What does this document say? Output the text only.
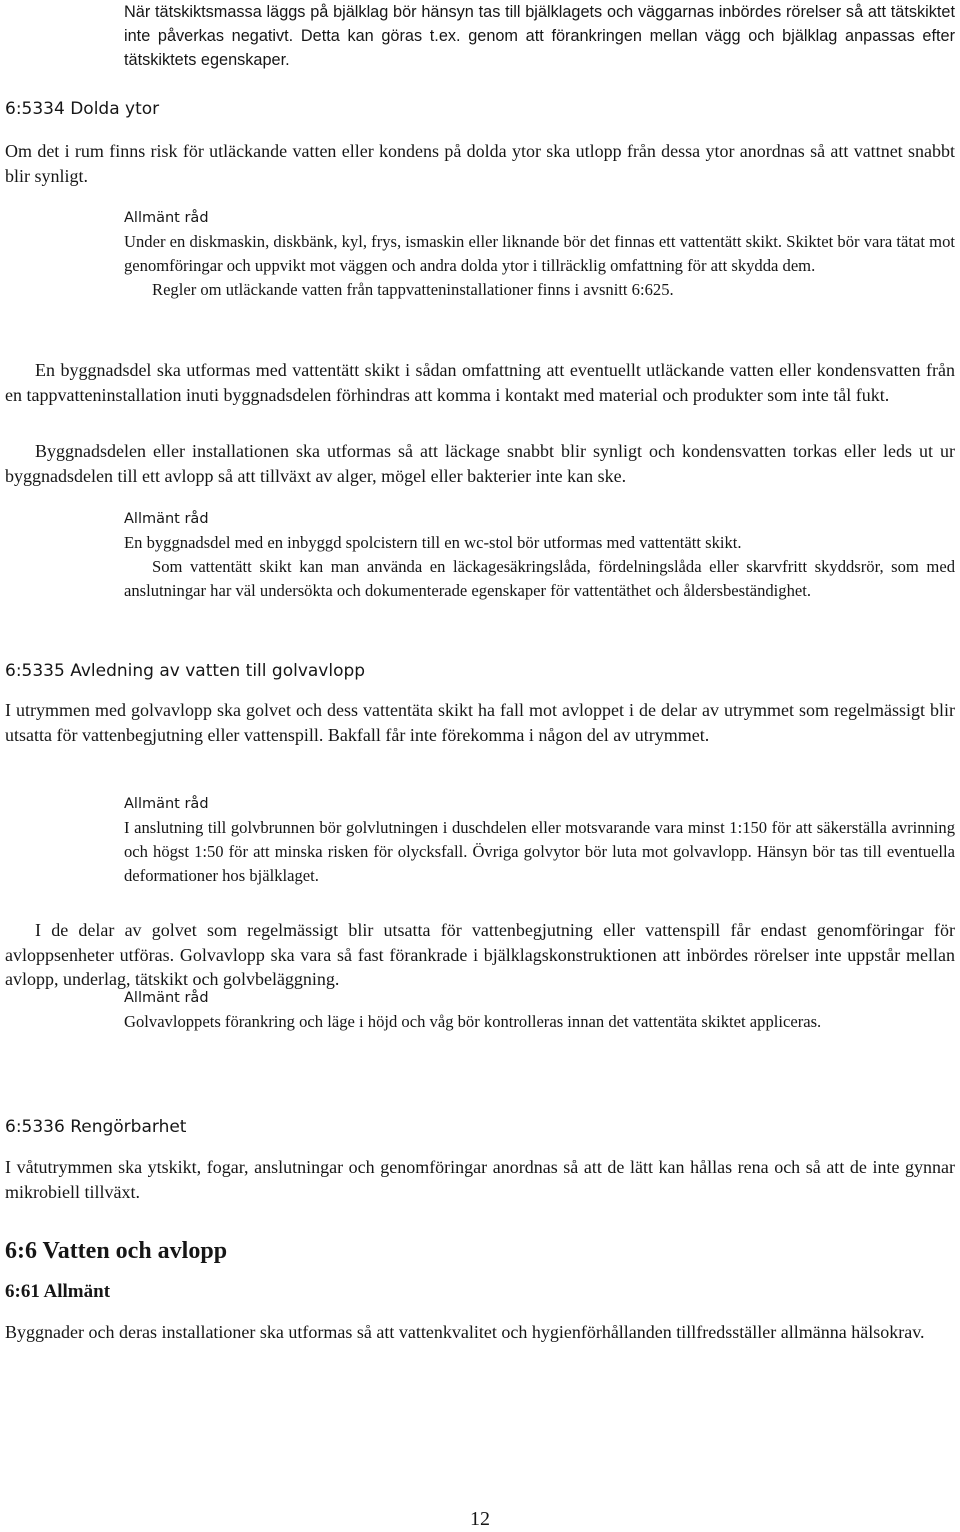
När tätskiktsmassa läggs på bjälklag bör hänsyn tas till bjälklagets och väggarnas inbördes rörelser så att tätskiktet inte påverkas negativt. Detta kan göras t.ex. genom att förankringen mellan vägg och bjälklag anpassas efter tätskiktets egenskaper.

6:5334 Dolda ytor

Om det i rum finns risk för utläckande vatten eller kondens på dolda ytor ska utlopp från dessa ytor anordnas så att vattnet snabbt blir synligt.

Allmänt råd

Under en diskmaskin, diskbänk, kyl, frys, ismaskin eller liknande bör det finnas ett vattentätt skikt. Skiktet bör vara tätat mot genomföringar och uppvikt mot väggen och andra dolda ytor i tillräcklig omfattning för att skydda dem.

Regler om utläckande vatten från tappvatteninstallationer finns i avsnitt 6:625.

En byggnadsdel ska utformas med vattentätt skikt i sådan omfattning att eventuellt utläckande vatten eller kondensvatten från en tappvatteninstallation inuti byggnadsdelen förhindras att komma i kontakt med material och produkter som inte tål fukt.

Byggnadsdelen eller installationen ska utformas så att läckage snabbt blir synligt och kondensvatten torkas eller leds ut ur byggnadsdelen till ett avlopp så att tillväxt av alger, mögel eller bakterier inte kan ske.

Allmänt råd

En byggnadsdel med en inbyggd spolcistern till en wc-stol bör utformas med vattentätt skikt.

Som vattentätt skikt kan man använda en läckagesäkringslåda, fördelningslåda eller skarvfritt skyddsrör, som med anslutningar har väl undersökta och dokumenterade egenskaper för vattentäthet och åldersbeständighet.

6:5335 Avledning av vatten till golvavlopp

I utrymmen med golvavlopp ska golvet och dess vattentäta skikt ha fall mot avloppet i de delar av utrymmet som regelmässigt blir utsatta för vattenbegjutning eller vattenspill. Bakfall får inte förekomma i någon del av utrymmet.

Allmänt råd

I anslutning till golvbrunnen bör golvlutningen i duschdelen eller motsvarande vara minst 1:150 för att säkerställa avrinning och högst 1:50 för att minska risken för olycksfall. Övriga golvytor bör luta mot golvavlopp. Hänsyn bör tas till eventuella deformationer hos bjälklaget.

I de delar av golvet som regelmässigt blir utsatta för vattenbegjutning eller vattenspill får endast genomföringar för avloppsenheter utföras. Golvavlopp ska vara så fast förankrade i bjälklagskonstruktionen att inbördes rörelser inte uppstår mellan avlopp, underlag, tätskikt och golvbeläggning.

Allmänt råd

Golvavloppets förankring och läge i höjd och våg bör kontrolleras innan det vattentäta skiktet appliceras.

6:5336 Rengörbarhet

I våtutrymmen ska ytskikt, fogar, anslutningar och genomföringar anordnas så att de lätt kan hållas rena och så att de inte gynnar mikrobiell tillväxt.

6:6 Vatten och avlopp
6:61 Allmänt

Byggnader och deras installationer ska utformas så att vattenkvalitet och hygienförhållanden tillfredsställer allmänna hälsokrav.

12
